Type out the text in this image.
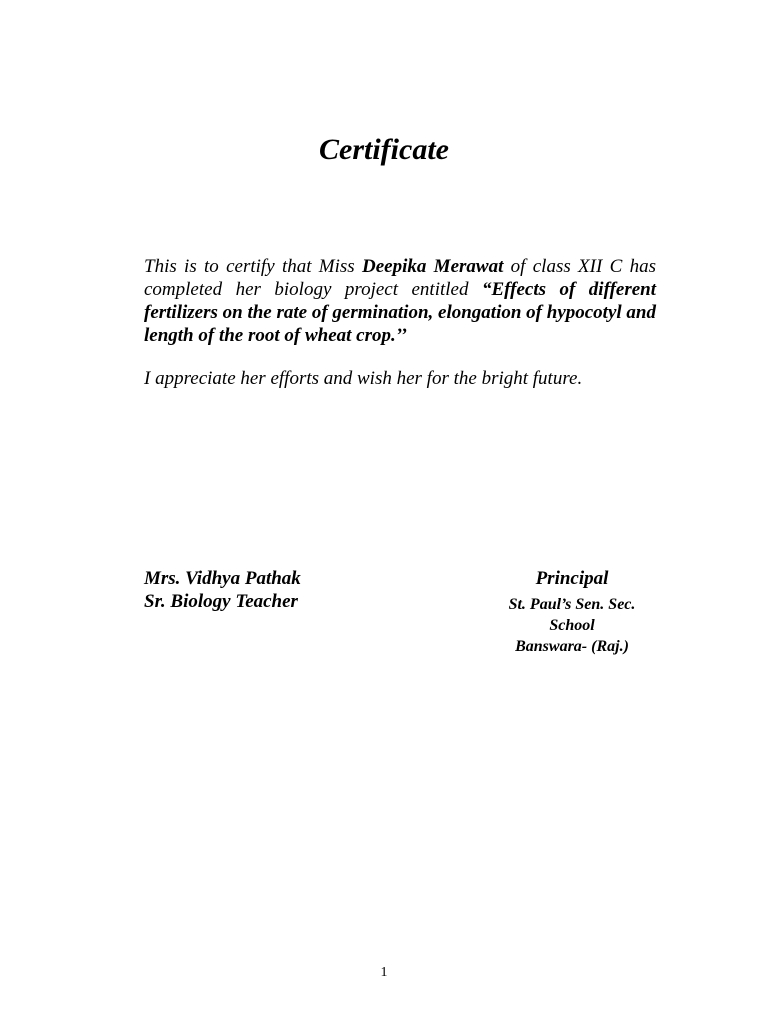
Certificate

This is to certify that Miss Deepika Merawat of class XII C has completed her biology project entitled “Effects of different fertilizers on the rate of germination, elongation of hypocotyl and length of the root of wheat crop.’’

I appreciate her efforts and wish her for the bright future.

Mrs. Vidhya Pathak
Sr. Biology Teacher
Principal
St. Paul’s Sen. Sec.
School
Banswara- (Raj.)
1
